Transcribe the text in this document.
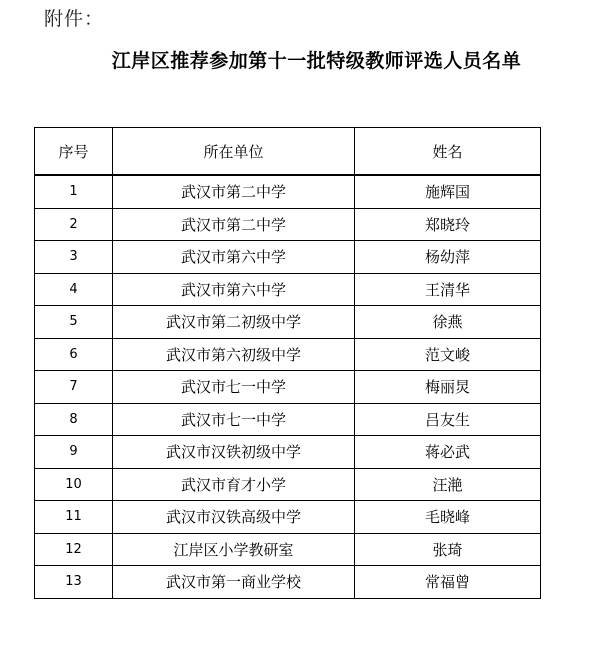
附件：
江岸区推荐参加第十一批特级教师评选人员名单
序号	所在单位	姓名
1	武汉市第二中学	施辉国
2	武汉市第二中学	郑晓玲
3	武汉市第六中学	杨幼萍
4	武汉市第六中学	王清华
5	武汉市第二初级中学	徐燕
6	武汉市第六初级中学	范文峻
7	武汉市七一中学	梅丽炅
8	武汉市七一中学	吕友生
9	武汉市汉铁初级中学	蒋必武
10	武汉市育才小学	汪滟
11	武汉市汉铁高级中学	毛晓峰
12	江岸区小学教研室	张琦
13	武汉市第一商业学校	常福曾
